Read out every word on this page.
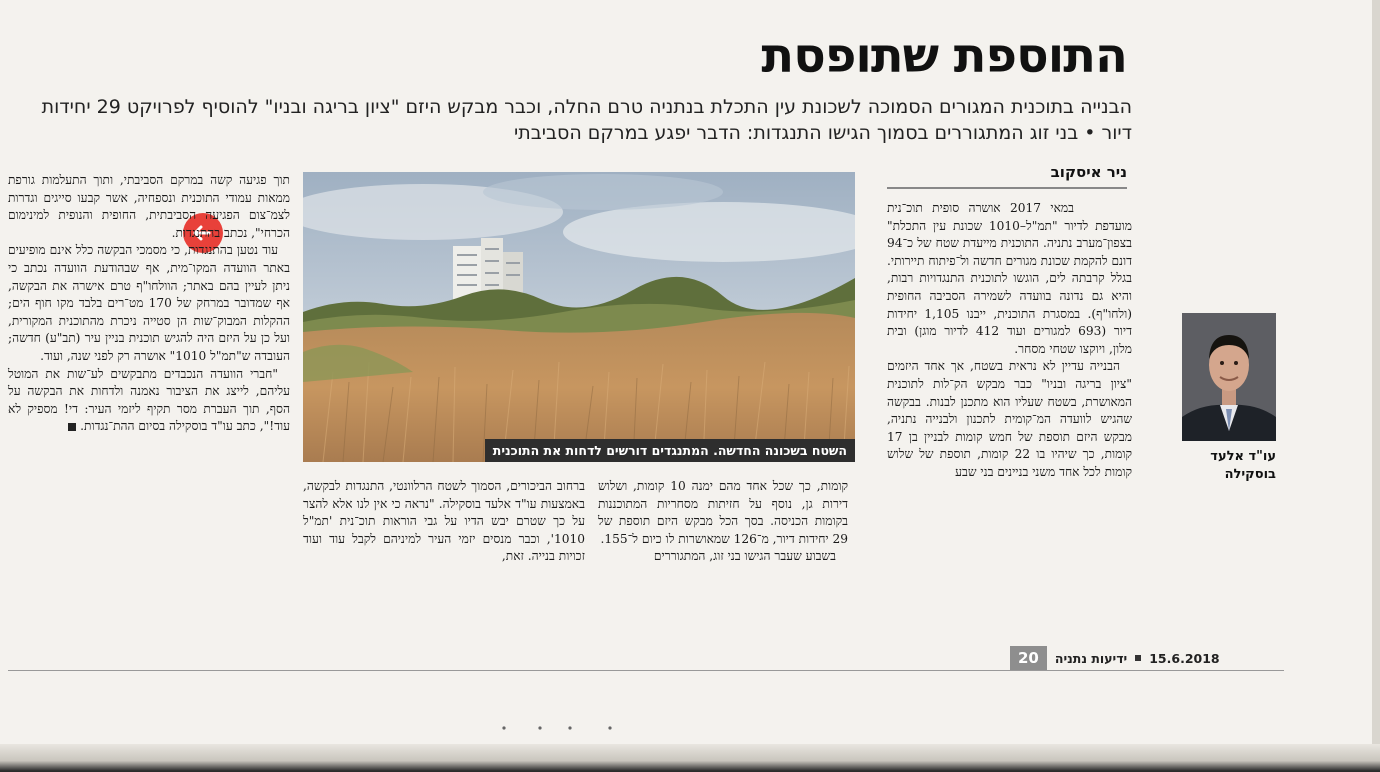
התוספת שתופסת
הבנייה בתוכנית המגורים הסמוכה לשכונת עין התכלת בנתניה טרם החלה, וכבר מבקש היזם "ציון בריגה ובניו" להוסיף לפרויקט 29 יחידות דיור • בני זוג המתגוררים בסמוך הגישו התנגדות: הדבר יפגע במרקם הסביבתי
ניר איסקוב

במאי 2017 אושרה סופית תוכ־נית מועדפת לדיור "תמ"ל–1010 שכונת עין התכלת" בצפון־מערב נתניה. התוכנית מייעדת שטח של כ־94 דונם להקמת שכונת מגורים חדשה ול־פיתוח תיירותי. בגלל קרבתה לים, הוגשו לתוכנית התנגדויות רבות, והיא גם נדונה בוועדה לשמירה הסביבה החופית (ולחו"ף). במסגרת התוכנית, ייבנו 1,105 יחידות דיור (693 למגורים ועוד 412 לדיור מוגן) ובית מלון, ויוקצו שטחי מסחר.

הבנייה עדיין לא נראית בשטח, אך אחד היזמים "ציון בריגה ובניו" כבר מבקש הק־לות לתוכנית המאושרת, בשטח שעליו הוא מתכנן לבנות. בבקשה שהגיש לוועדה המ־קומית לתכנון ולבנייה נתניה, מבקש היזם תוספת של חמש קומות לבניין בן 17 קומות, כך שיהיו בו 22 קומות, תוספת של שלוש קומות לכל אחד משני בניינים בני שבע

השטח בשכונה החדשה. המתנגדים דורשים לדחות את התוכנית

קומות, כך שכל אחד מהם ימנה 10 קומות, ושלוש דירות גן, נוסף על חזיתות מסחריות המתוכננות בקומות הכניסה. בסך הכל מבקש היזם תוספת של 29 יחידות דיור, מ־126 שמאושרות לו כיום ל־155.

בשבוע שעבר הגישו בני זוג, המתגוררים

ברחוב הביכורים, הסמוך לשטח הרלוונטי, התנגדות לבקשה, באמצעות עו"ד אלעד בוסקילה. "נראה כי אין לנו אלא להצר על כך שטרם יבש הדיו על גבי הוראות תוכ־נית 'תמ"ל 1010', וכבר מנסים יזמי העיר למיניהם לקבל עוד ועוד זכויות בנייה. זאת,

תוך פגיעה קשה במרקם הסביבתי, ותוך התעלמות גורפת ממאות עמודי התוכנית ונספחיה, אשר קבעו סייגים וגדרות לצמ־צום הפגיעה הסביבתית, החופית והנופית למינימום הכרחי", נכתב בהתנגדות.

עוד נטען בהתנגדות, כי מסמכי הבקשה כלל אינם מופיעים באתר הוועדה המקו־מית, אף שבהודעת הוועדה נכתב כי ניתן לעיין בהם באתר; הוולחו"ף טרם אישרה את הבקשה, אף שמדובר במרחק של 170 מט־רים בלבד מקו חוף הים; ההקלות המבוק־שות הן סטייה ניכרת מהתוכנית המקורית, ועל כן על היזם היה להגיש תוכנית בניין עיר (תב"ע) חדשה; העובדה ש"תמ"ל 1010" אושרה רק לפני שנה, ועוד.

"חברי הוועדה הנכבדים מתבקשים לע־שות את המוטל עליהם, לייצג את הציבור נאמנה ולדחות את הבקשה על הסף, תוך העברת מסר תקיף ליזמי העיר: די! מספיק לא עוד!", כתב עו"ד בוסקילה בסיום ההת־נגדות.

עו"ד אלעד
בוסקילה
20	ידיעות נתניה 15.6.2018
